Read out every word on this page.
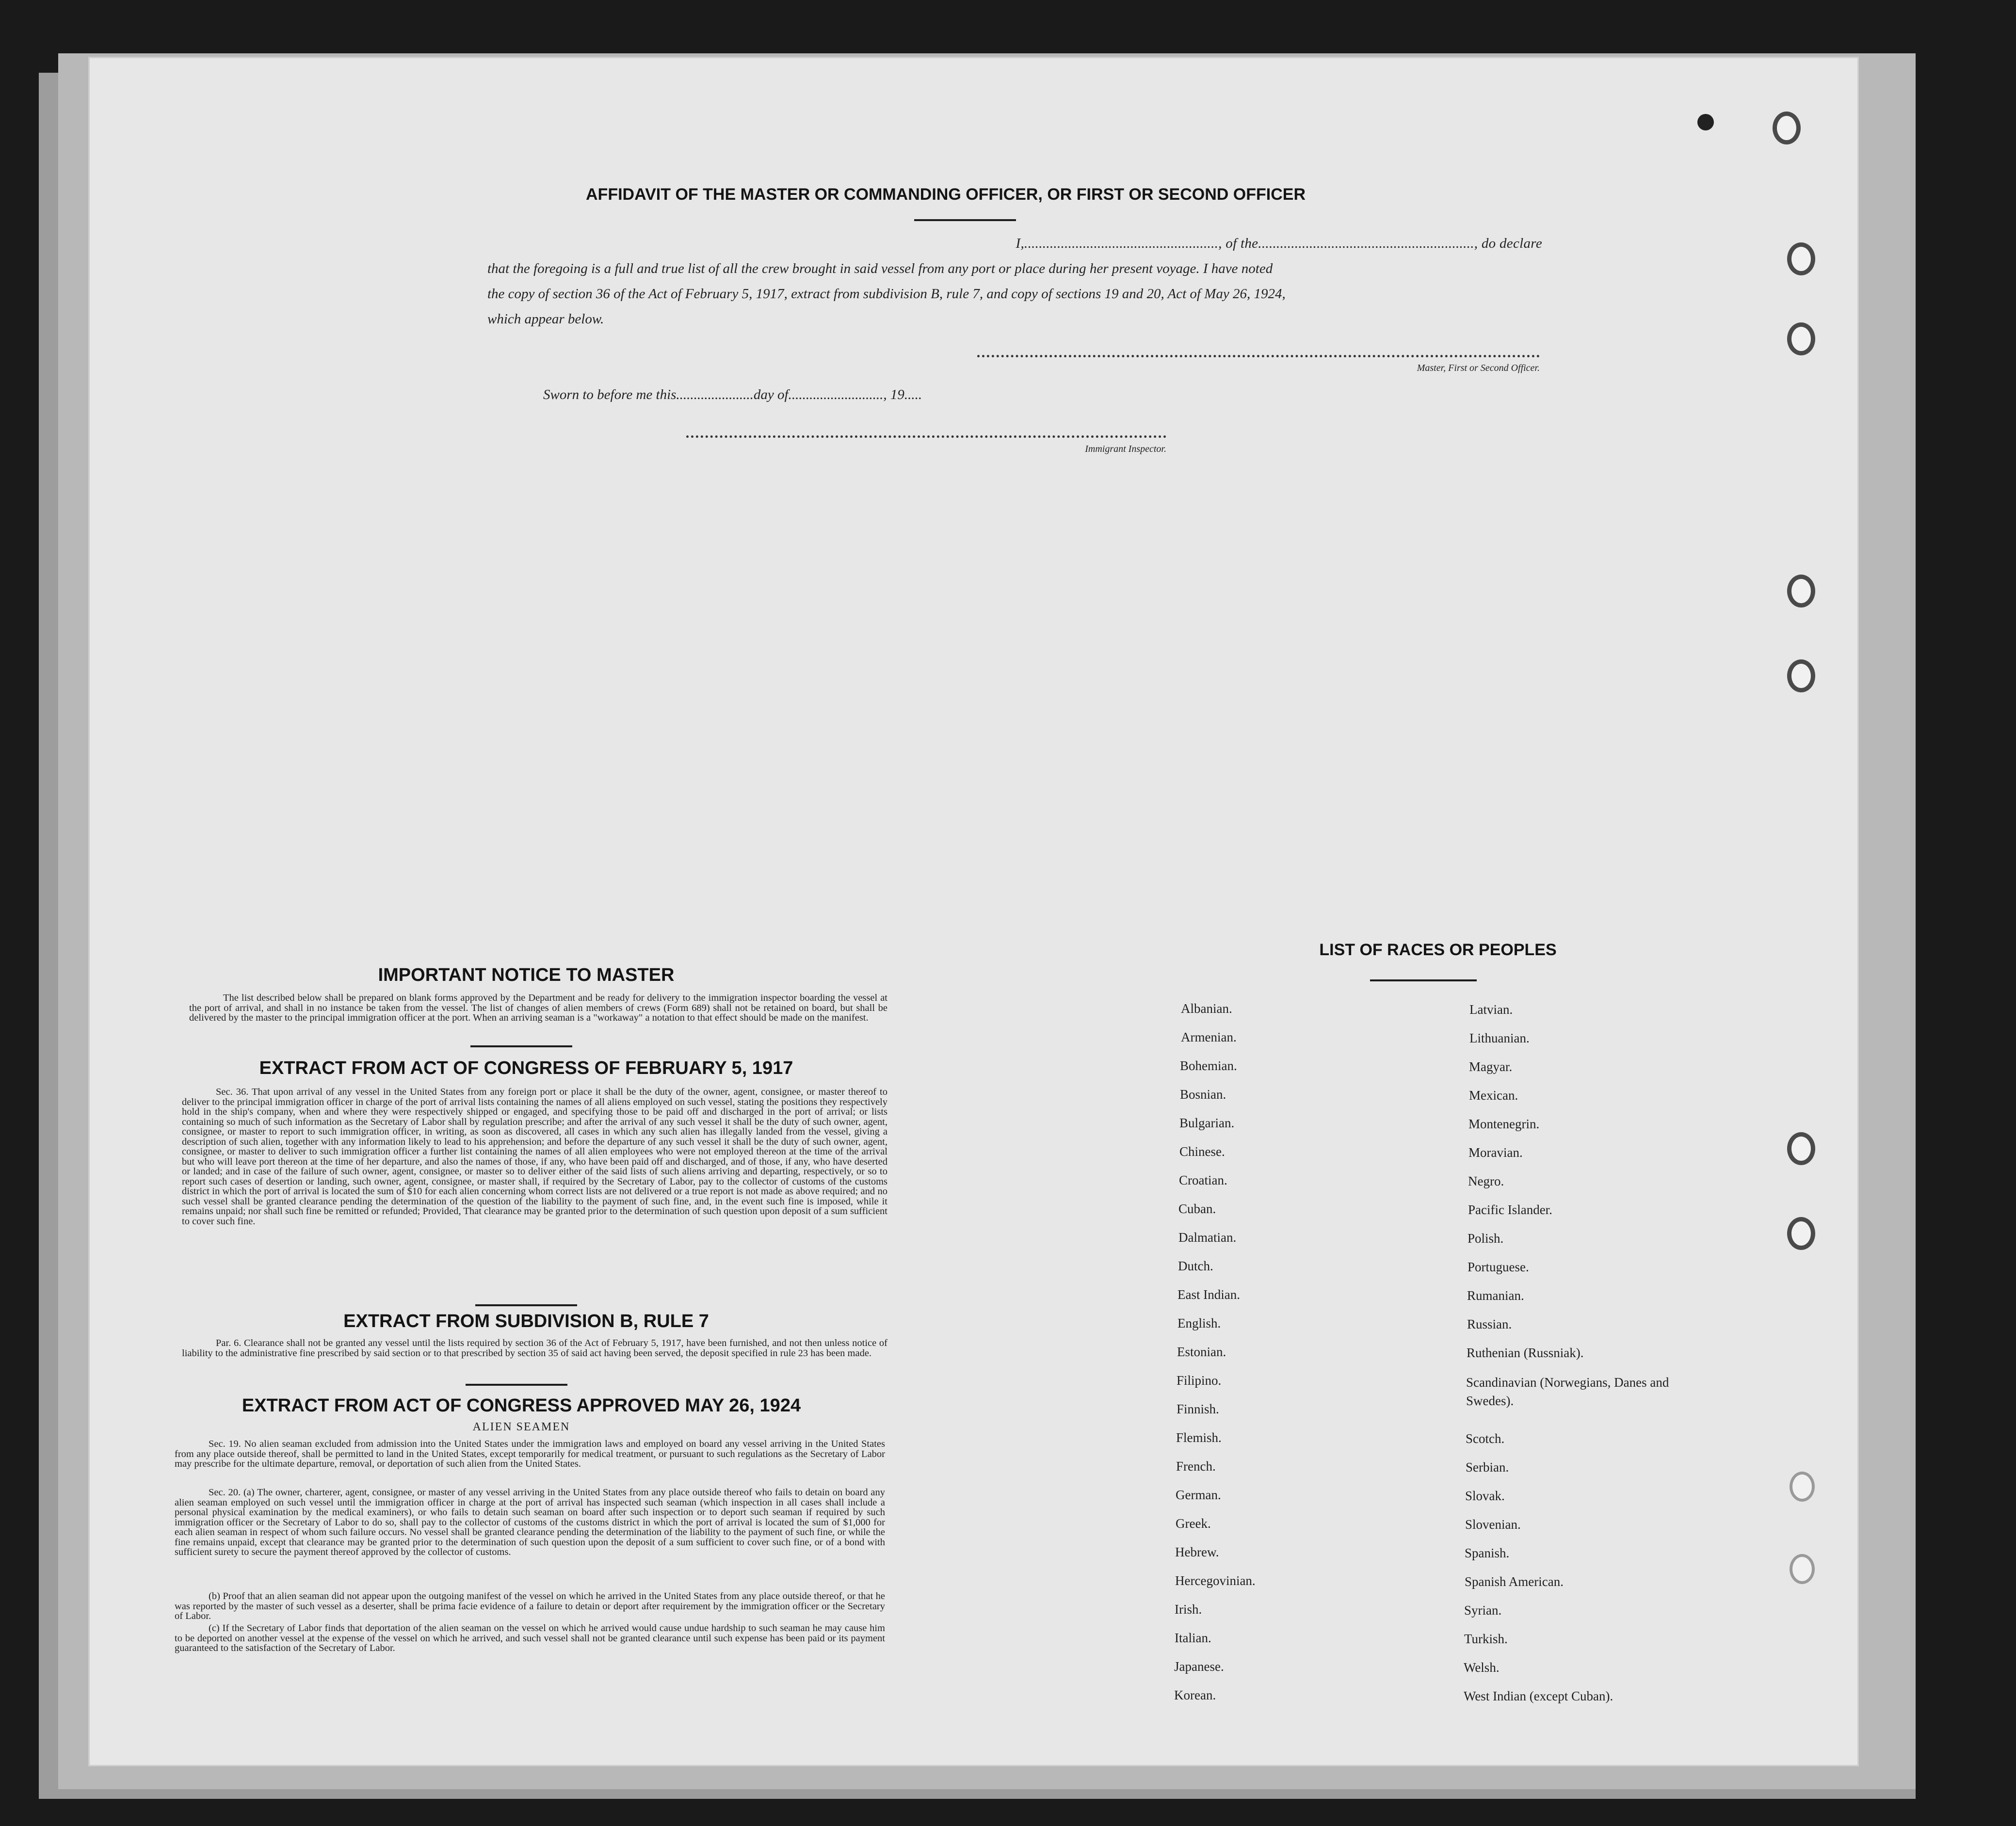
AFFIDAVIT OF THE MASTER OR COMMANDING OFFICER, OR FIRST OR SECOND OFFICER
I,....................................................., of the..........................................................., do declare
that the foregoing is a full and true list of all the crew brought in said vessel from any port or place during her present voyage. I have noted
the copy of section 36 of the Act of February 5, 1917, extract from subdivision B, rule 7, and copy of sections 19 and 20, Act of May 26, 1924,
which appear below.
Master, First or Second Officer.
Sworn to before me this......................day of..........................., 19.....
Immigrant Inspector.
IMPORTANT NOTICE TO MASTER
The list described below shall be prepared on blank forms approved by the Department and be ready for delivery to the immigration inspector boarding the vessel at the port of arrival, and shall in no instance be taken from the vessel. The list of changes of alien members of crews (Form 689) shall not be retained on board, but shall be delivered by the master to the principal immigration officer at the port. When an arriving seaman is a "workaway" a notation to that effect should be made on the manifest.
EXTRACT FROM ACT OF CONGRESS OF FEBRUARY 5, 1917
Sec. 36. That upon arrival of any vessel in the United States from any foreign port or place it shall be the duty of the owner, agent, consignee, or master thereof to deliver to the principal immigration officer in charge of the port of arrival lists containing the names of all aliens employed on such vessel, stating the positions they respectively hold in the ship's company, when and where they were respectively shipped or engaged, and specifying those to be paid off and discharged in the port of arrival; or lists containing so much of such information as the Secretary of Labor shall by regulation prescribe; and after the arrival of any such vessel it shall be the duty of such owner, agent, consignee, or master to report to such immigration officer, in writing, as soon as discovered, all cases in which any such alien has illegally landed from the vessel, giving a description of such alien, together with any information likely to lead to his apprehension; and before the departure of any such vessel it shall be the duty of such owner, agent, consignee, or master to deliver to such immigration officer a further list containing the names of all alien employees who were not employed thereon at the time of the arrival but who will leave port thereon at the time of her departure, and also the names of those, if any, who have been paid off and discharged, and of those, if any, who have deserted or landed; and in case of the failure of such owner, agent, consignee, or master so to deliver either of the said lists of such aliens arriving and departing, respectively, or so to report such cases of desertion or landing, such owner, agent, consignee, or master shall, if required by the Secretary of Labor, pay to the collector of customs of the customs district in which the port of arrival is located the sum of $10 for each alien concerning whom correct lists are not delivered or a true report is not made as above required; and no such vessel shall be granted clearance pending the determination of the question of the liability to the payment of such fine, and, in the event such fine is imposed, while it remains unpaid; nor shall such fine be remitted or refunded; Provided, That clearance may be granted prior to the determination of such question upon deposit of a sum sufficient to cover such fine.
EXTRACT FROM SUBDIVISION B, RULE 7
Par. 6. Clearance shall not be granted any vessel until the lists required by section 36 of the Act of February 5, 1917, have been furnished, and not then unless notice of liability to the administrative fine prescribed by said section or to that prescribed by section 35 of said act having been served, the deposit specified in rule 23 has been made.
EXTRACT FROM ACT OF CONGRESS APPROVED MAY 26, 1924
ALIEN SEAMEN
Sec. 19. No alien seaman excluded from admission into the United States under the immigration laws and employed on board any vessel arriving in the United States from any place outside thereof, shall be permitted to land in the United States, except temporarily for medical treatment, or pursuant to such regulations as the Secretary of Labor may prescribe for the ultimate departure, removal, or deportation of such alien from the United States.
Sec. 20. (a) The owner, charterer, agent, consignee, or master of any vessel arriving in the United States from any place outside thereof who fails to detain on board any alien seaman employed on such vessel until the immigration officer in charge at the port of arrival has inspected such seaman (which inspection in all cases shall include a personal physical examination by the medical examiners), or who fails to detain such seaman on board after such inspection or to deport such seaman if required by such immigration officer or the Secretary of Labor to do so, shall pay to the collector of customs of the customs district in which the port of arrival is located the sum of $1,000 for each alien seaman in respect of whom such failure occurs. No vessel shall be granted clearance pending the determination of the liability to the payment of such fine, or while the fine remains unpaid, except that clearance may be granted prior to the determination of such question upon the deposit of a sum sufficient to cover such fine, or of a bond with sufficient surety to secure the payment thereof approved by the collector of customs.
(b) Proof that an alien seaman did not appear upon the outgoing manifest of the vessel on which he arrived in the United States from any place outside thereof, or that he was reported by the master of such vessel as a deserter, shall be prima facie evidence of a failure to detain or deport after requirement by the immigration officer or the Secretary of Labor.
(c) If the Secretary of Labor finds that deportation of the alien seaman on the vessel on which he arrived would cause undue hardship to such seaman he may cause him to be deported on another vessel at the expense of the vessel on which he arrived, and such vessel shall not be granted clearance until such expense has been paid or its payment guaranteed to the satisfaction of the Secretary of Labor.
LIST OF RACES OR PEOPLES
Albanian.
Armenian.
Bohemian.
Bosnian.
Bulgarian.
Chinese.
Croatian.
Cuban.
Dalmatian.
Dutch.
East Indian.
English.
Estonian.
Filipino.
Finnish.
Flemish.
French.
German.
Greek.
Hebrew.
Hercegovinian.
Irish.
Italian.
Japanese.
Korean.
Latvian.
Lithuanian.
Magyar.
Mexican.
Montenegrin.
Moravian.
Negro.
Pacific Islander.
Polish.
Portuguese.
Rumanian.
Russian.
Ruthenian (Russniak).
Scandinavian (Norwegians, Danes and Swedes).
Scotch.
Serbian.
Slovak.
Slovenian.
Spanish.
Spanish American.
Syrian.
Turkish.
Welsh.
West Indian (except Cuban).
